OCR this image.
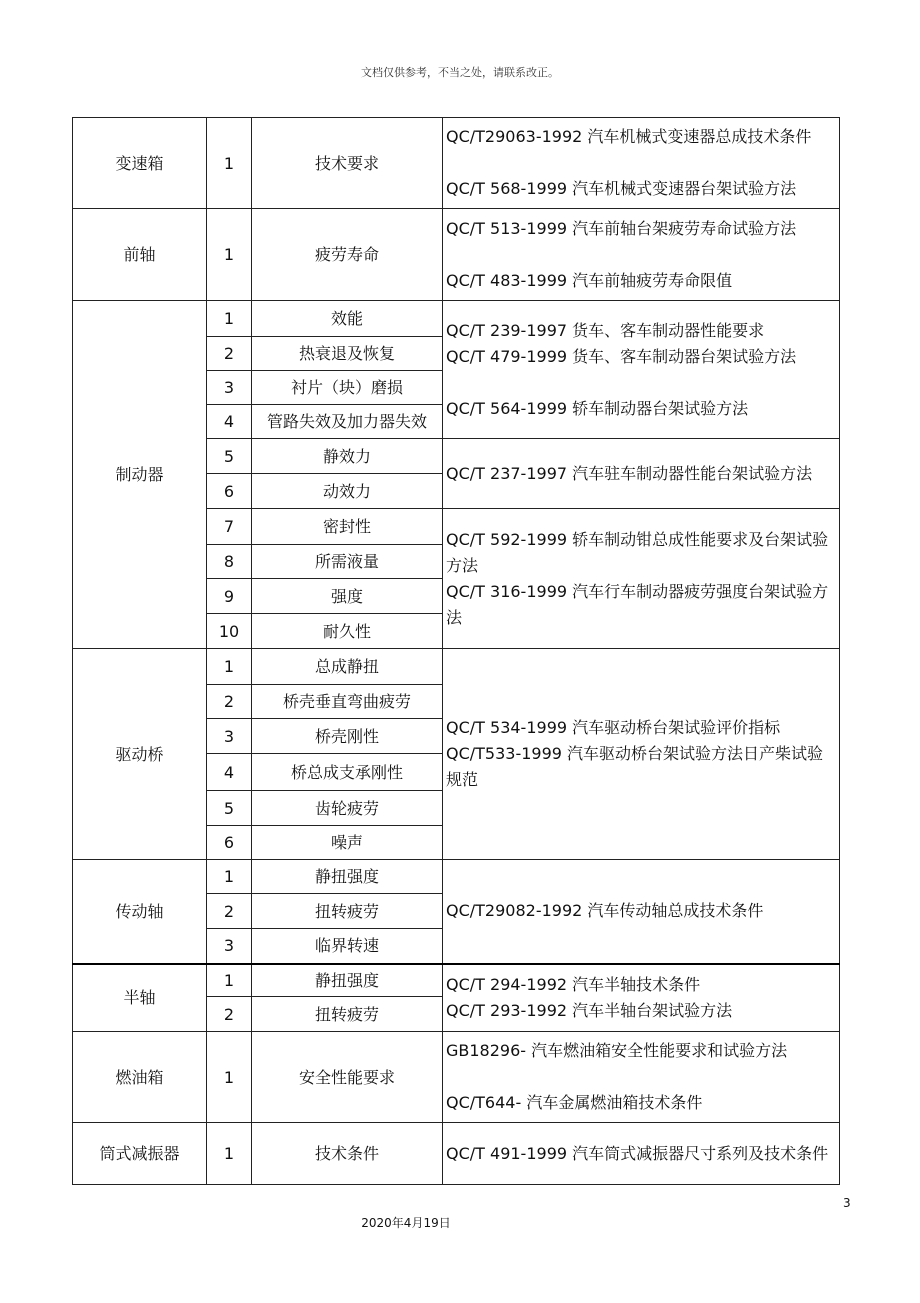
文档仅供参考，不当之处，请联系改正。
变速箱	1	技术要求	QC/T29063-1992 汽车机械式变速器总成技术条件
QC/T 568-1999 汽车机械式变速器台架试验方法

前轴	1	疲劳寿命	QC/T 513-1999 汽车前轴台架疲劳寿命试验方法
QC/T 483-1999 汽车前轴疲劳寿命限值

制动器	1	效能	QC/T 239-1997 货车、客车制动器性能要求
QC/T 479-1999 货车、客车制动器台架试验方法
QC/T 564-1999 轿车制动器台架试验方法

	2	热衰退及恢复	
	3	衬片（块）磨损	
	4	管路失效及加力器失效	
	5	静效力	QC/T 237-1997 汽车驻车制动器性能台架试验方法

	6	动效力	
	7	密封性	QC/T 592-1999 轿车制动钳总成性能要求及台架试验方法
QC/T 316-1999 汽车行车制动器疲劳强度台架试验方法

	8	所需液量	
	9	强度	
	10	耐久性	
驱动桥	1	总成静扭	QC/T 534-1999 汽车驱动桥台架试验评价指标
QC/T533-1999 汽车驱动桥台架试验方法日产柴试验规范

	2	桥壳垂直弯曲疲劳	
	3	桥壳刚性	
	4	桥总成支承刚性	
	5	齿轮疲劳	
	6	噪声	
传动轴	1	静扭强度	QC/T29082-1992 汽车传动轴总成技术条件

	2	扭转疲劳	
	3	临界转速	
半轴	1	静扭强度	QC/T 294-1992 汽车半轴技术条件
QC/T 293-1992 汽车半轴台架试验方法

	2	扭转疲劳	
燃油箱	1	安全性能要求	GB18296- 汽车燃油箱安全性能要求和试验方法
QC/T644- 汽车金属燃油箱技术条件

筒式减振器	1	技术条件	QC/T 491-1999 汽车筒式减振器尺寸系列及技术条件
3
2020年4月19日
